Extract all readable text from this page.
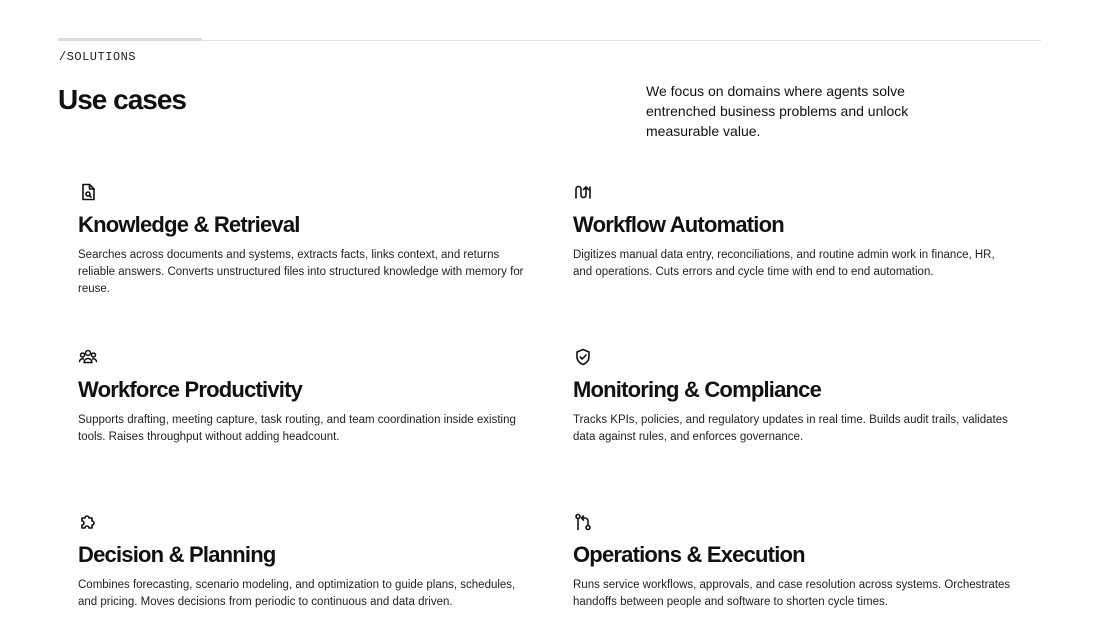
/SOLUTIONS
Use cases	We focus on domains where agents solve entrenched business problems and unlock measurable value.

Knowledge & Retrieval

Searches across documents and systems, extracts facts, links context, and returns reliable answers. Converts unstructured files into structured knowledge with memory for reuse.

Workflow Automation

Digitizes manual data entry, reconciliations, and routine admin work in finance, HR, and operations. Cuts errors and cycle time with end to end automation.

Workforce Productivity

Supports drafting, meeting capture, task routing, and team coordination inside existing tools. Raises throughput without adding headcount.

Monitoring & Compliance

Tracks KPIs, policies, and regulatory updates in real time. Builds audit trails, validates data against rules, and enforces governance.

Decision & Planning

Combines forecasting, scenario modeling, and optimization to guide plans, schedules, and pricing. Moves decisions from periodic to continuous and data driven.

Operations & Execution

Runs service workflows, approvals, and case resolution across systems. Orchestrates handoffs between people and software to shorten cycle times.
